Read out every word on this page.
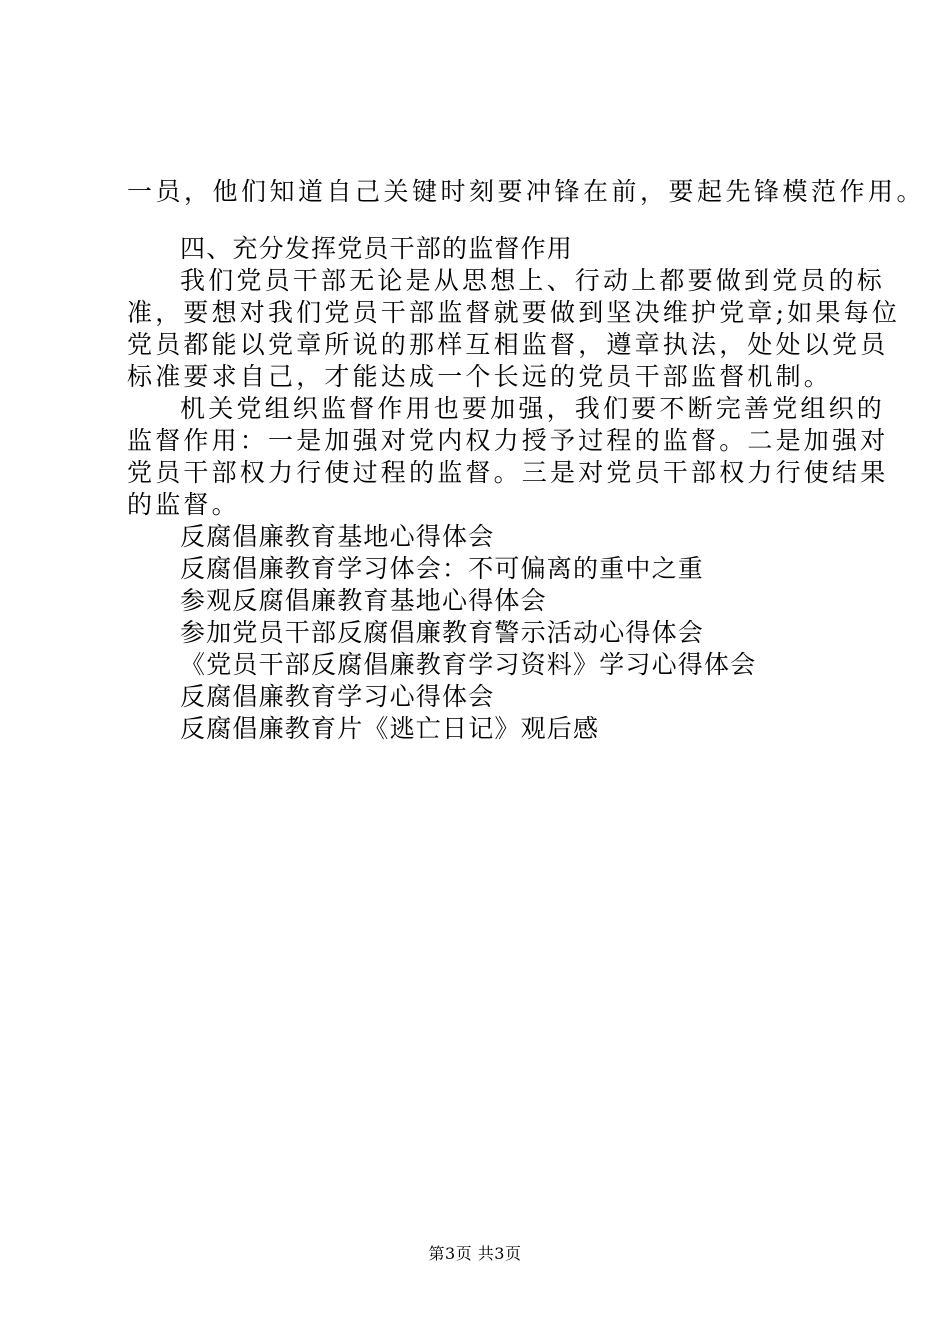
一员，他们知道自己关键时刻要冲锋在前，要起先锋模范作用。
四、充分发挥党员干部的监督作用
我们党员干部无论是从思想上、行动上都要做到党员的标
准，要想对我们党员干部监督就要做到坚决维护党章;如果每位
党员都能以党章所说的那样互相监督，遵章执法，处处以党员
标准要求自己，才能达成一个长远的党员干部监督机制。
机关党组织监督作用也要加强，我们要不断完善党组织的
监督作用：一是加强对党内权力授予过程的监督。二是加强对
党员干部权力行使过程的监督。三是对党员干部权力行使结果
的监督。
反腐倡廉教育基地心得体会
反腐倡廉教育学习体会：不可偏离的重中之重
参观反腐倡廉教育基地心得体会
参加党员干部反腐倡廉教育警示活动心得体会
《党员干部反腐倡廉教育学习资料》学习心得体会
反腐倡廉教育学习心得体会
反腐倡廉教育片《逃亡日记》观后感
第3页 共3页
